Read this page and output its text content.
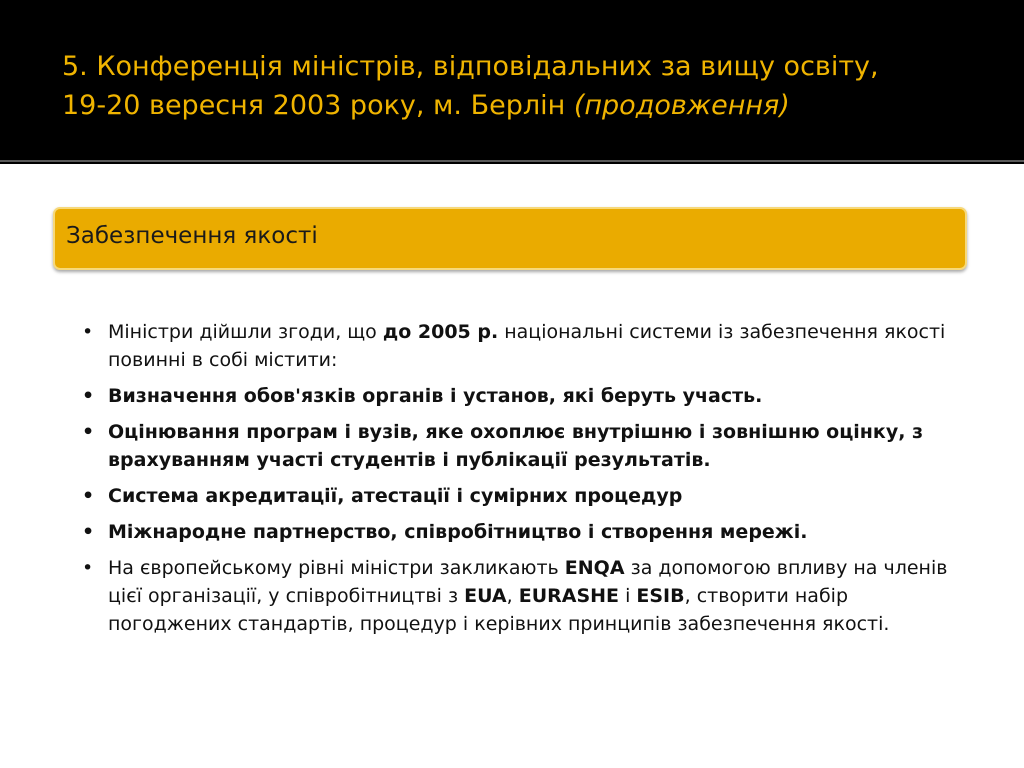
5. Конференція міністрів, відповідальних за вищу освіту,
19-20 вересня 2003 року, м. Берлін (продовження)
Забезпечення якості
• Міністри дійшли згоди, що до 2005 р. національні системи із забезпечення якості повинні в собі містити:
• Визначення обов'язків органів і установ, які беруть участь.
• Оцінювання програм і вузів, яке охоплює внутрішню і зовнішню оцінку, з врахуванням участі студентів і публікації результатів.
• Система акредитації, атестації і сумірних процедур
• Міжнародне партнерство, співробітництво і створення мережі.
• На європейському рівні міністри закликають ENQA за допомогою впливу на членів цієї організації, у співробітництві з EUA, EURASHE і ESIB, створити набір погоджених стандартів, процедур і керівних принципів забезпечення якості.
